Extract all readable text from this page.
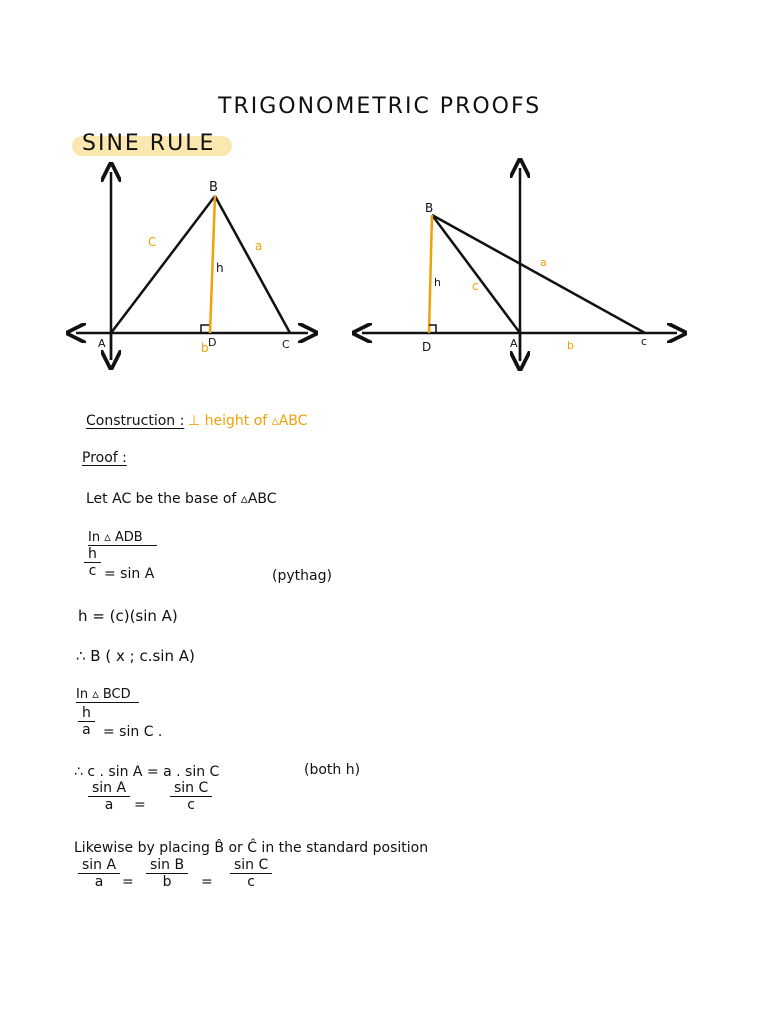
TRIGONOMETRIC PROOFS
SINE RULE
B
A	D	C
C	a
h
b
B
D	A	c
h	c
a
b
Construction : ⊥ height of ▵ABC
Proof :
Let AC be the base of ▵ABC
In ▵ ADB
h
c = sin A	(pythag)
h = (c)(sin A)
∴ B ( x ; c.sin A)
In ▵ BCD
h
a = sin C .
∴ c . sin A = a . sin C	(both h)
sin A
a	=
sin C
c
Likewise by placing B̂ or Ĉ in the standard position
sin A
a	=
sin B
b	=
sin C
c
